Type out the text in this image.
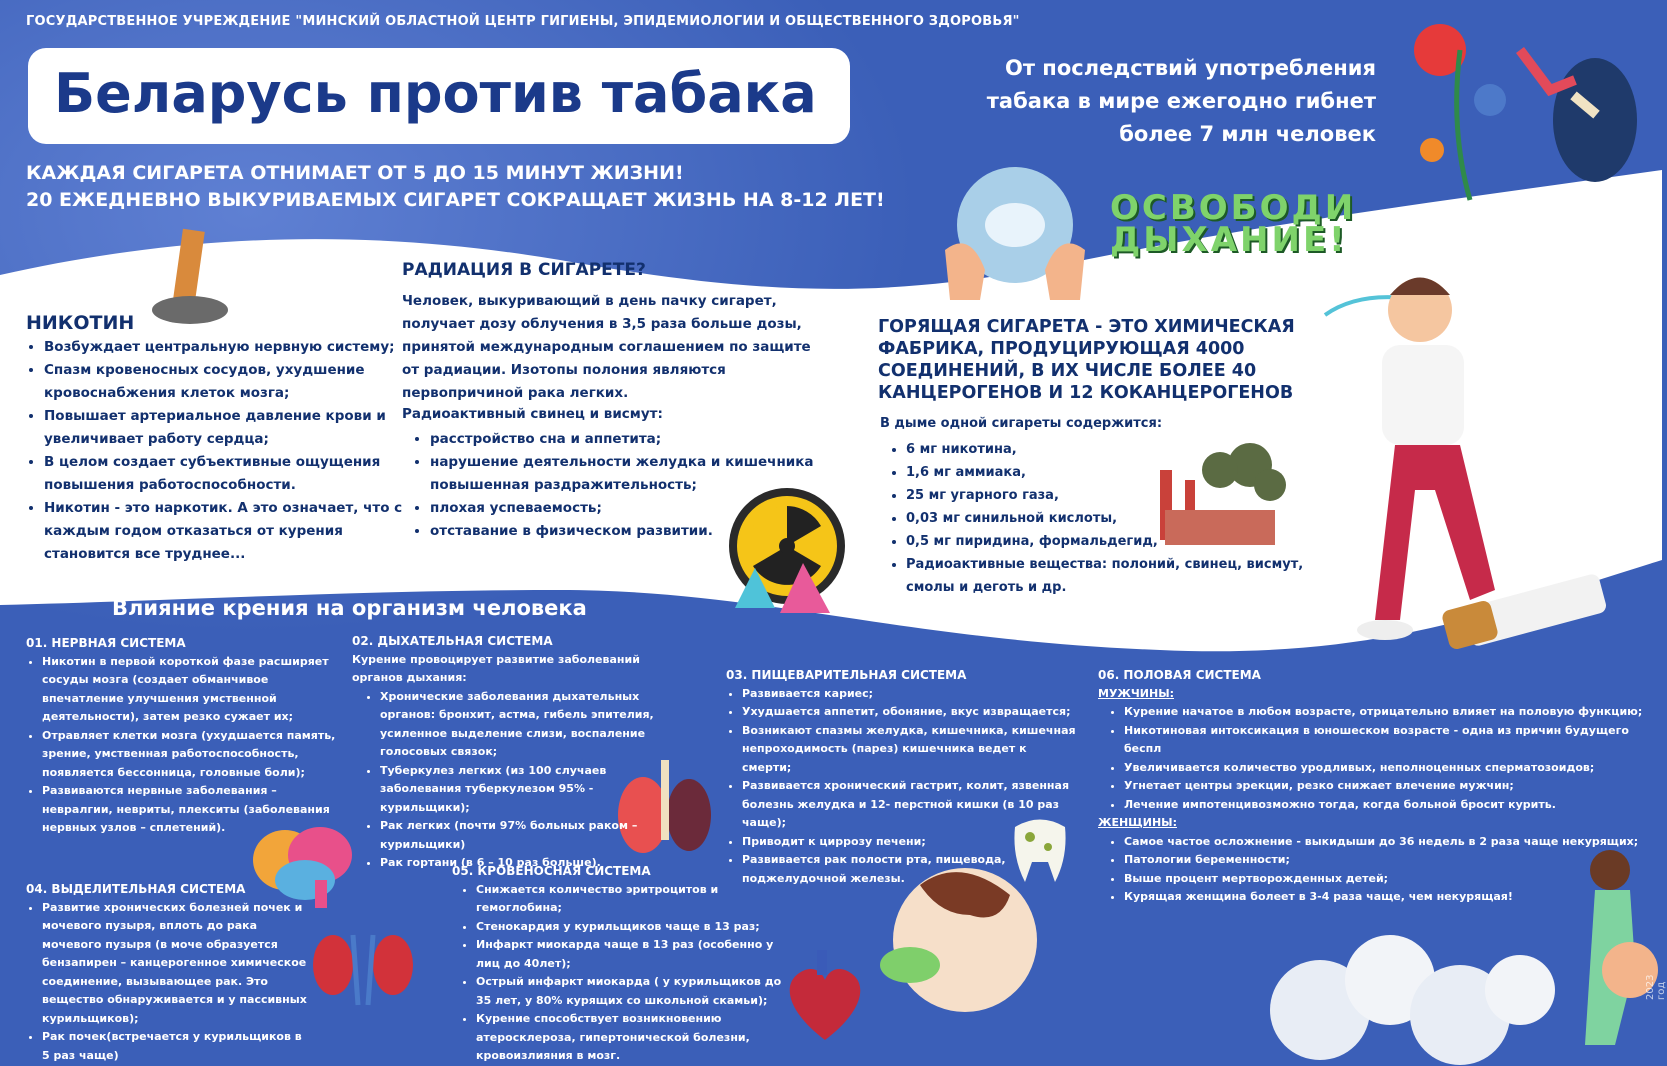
ГОСУДАРСТВЕННОЕ УЧРЕЖДЕНИЕ "МИНСКИЙ ОБЛАСТНОЙ ЦЕНТР ГИГИЕНЫ, ЭПИДЕМИОЛОГИИ И ОБЩЕСТВЕННОГО ЗДОРОВЬЯ"
Беларусь против табака
КАЖДАЯ СИГАРЕТА ОТНИМАЕТ ОТ 5 ДО 15 МИНУТ ЖИЗНИ!
20 ЕЖЕДНЕВНО ВЫКУРИВАЕМЫХ СИГАРЕТ СОКРАЩАЕТ ЖИЗНЬ НА 8-12 ЛЕТ!
От последствий употребления
табака в мире ежегодно гибнет
более 7 млн человек
ОСВОБОДИ
ДЫХАНИЕ!
НИКОТИН
• Возбуждает центральную нервную систему;
• Спазм кровеносных сосудов, ухудшение кровоснабжения клеток мозга;
• Повышает артериальное давление крови и увеличивает работу сердца;
• В целом создает субъективные ощущения повышения работоспособности.
• Никотин - это наркотик. А это означает, что с каждым годом отказаться от курения становится все труднее...
РАДИАЦИЯ В СИГАРЕТЕ?
Человек, выкуривающий в день пачку сигарет, получает дозу облучения в 3,5 раза больше дозы, принятой международным соглашением по защите от радиации. Изотопы полония являются первопричиной рака легких.
Радиоактивный свинец и висмут:
• расстройство сна и аппетита;
• нарушение деятельности желудка и кишечника повышенная раздражительность;
• плохая успеваемость;
• отставание в физическом развитии.
ГОРЯЩАЯ СИГАРЕТА - ЭТО ХИМИЧЕСКАЯ ФАБРИКА, ПРОДУЦИРУЮЩАЯ 4000 СОЕДИНЕНИЙ, В ИХ ЧИСЛЕ БОЛЕЕ 40 КАНЦЕРОГЕНОВ И 12 КОКАНЦЕРОГЕНОВ
В дыме одной сигареты содержится:
• 6 мг никотина,
• 1,6 мг аммиака,
• 25 мг угарного газа,
• 0,03 мг синильной кислоты,
• 0,5 мг пиридина, формальдегид,
• Радиоактивные вещества: полоний, свинец, висмут, смолы и деготь и др.
Влияние крения на организм человека
01. НЕРВНАЯ СИСТЕМА
• Никотин в первой короткой фазе расширяет сосуды мозга (создает обманчивое впечатление улучшения умственной деятельности), затем резко сужает их;
• Отравляет клетки мозга (ухудшается память, зрение, умственная работоспособность, появляется бессонница, головные боли);
• Развиваются нервные заболевания – невралгии, невриты, плекситы (заболевания нервных узлов – сплетений).
02. ДЫХАТЕЛЬНАЯ СИСТЕМА
Курение провоцирует развитие заболеваний органов дыхания:
• Хронические заболевания дыхательных органов: бронхит, астма, гибель эпителия, усиленное выделение слизи, воспаление голосовых связок;
• Туберкулез легких (из 100 случаев заболевания туберкулезом 95% - курильщики);
• Рак легких (почти 97% больных раком – курильщики)
• Рак гортани (в 6 – 10 раз больше).
03. ПИЩЕВАРИТЕЛЬНАЯ СИСТЕМА
• Развивается кариес;
• Ухудшается аппетит, обоняние, вкус извращается;
• Возникают спазмы желудка, кишечника, кишечная непроходимость (парез) кишечника ведет к смерти;
• Развивается хронический гастрит, колит, язвенная болезнь желудка и 12- перстной кишки (в 10 раз чаще);
• Приводит к циррозу печени;
• Развивается рак полости рта, пищевода, поджелудочной железы.
04. ВЫДЕЛИТЕЛЬНАЯ СИСТЕМА
• Развитие хронических болезней почек и мочевого пузыря, вплоть до рака мочевого пузыря (в моче образуется бензапирен – канцерогенное химическое соединение, вызывающее рак. Это вещество обнаруживается и у пассивных курильщиков);
• Рак почек(встречается у курильщиков в 5 раз чаще)
05. КРОВЕНОСНАЯ СИСТЕМА
• Снижается количество эритроцитов и гемоглобина;
• Стенокардия у курильщиков чаще в 13 раз;
• Инфаркт миокарда чаще в 13 раз (особенно у лиц до 40лет);
• Острый инфаркт миокарда ( у курильщиков до 35 лет, у 80% курящих со школьной скамьи);
• Курение способствует возникновению атеросклероза, гипертонической болезни, кровоизлияния в мозг.
06. ПОЛОВАЯ СИСТЕМА
МУЖЧИНЫ:
• Курение начатое в любом возрасте, отрицательно влияет на половую функцию;
• Никотиновая интоксикация в юношеском возрасте - одна из причин будущего беспл
• Увеличивается количество уродливых, неполноценных сперматозоидов;
• Угнетает центры эрекции, резко снижает влечение мужчин;
• Лечение импотенцивозможно тогда, когда больной бросит курить.
ЖЕНЩИНЫ:
• Самое частое осложнение - выкидыши до 36 недель в 2 раза чаще некурящих;
• Патологии беременности;
• Выше процент мертворожденных детей;
• Курящая женщина болеет в 3-4 раза чаще, чем некурящая!
2023 год
